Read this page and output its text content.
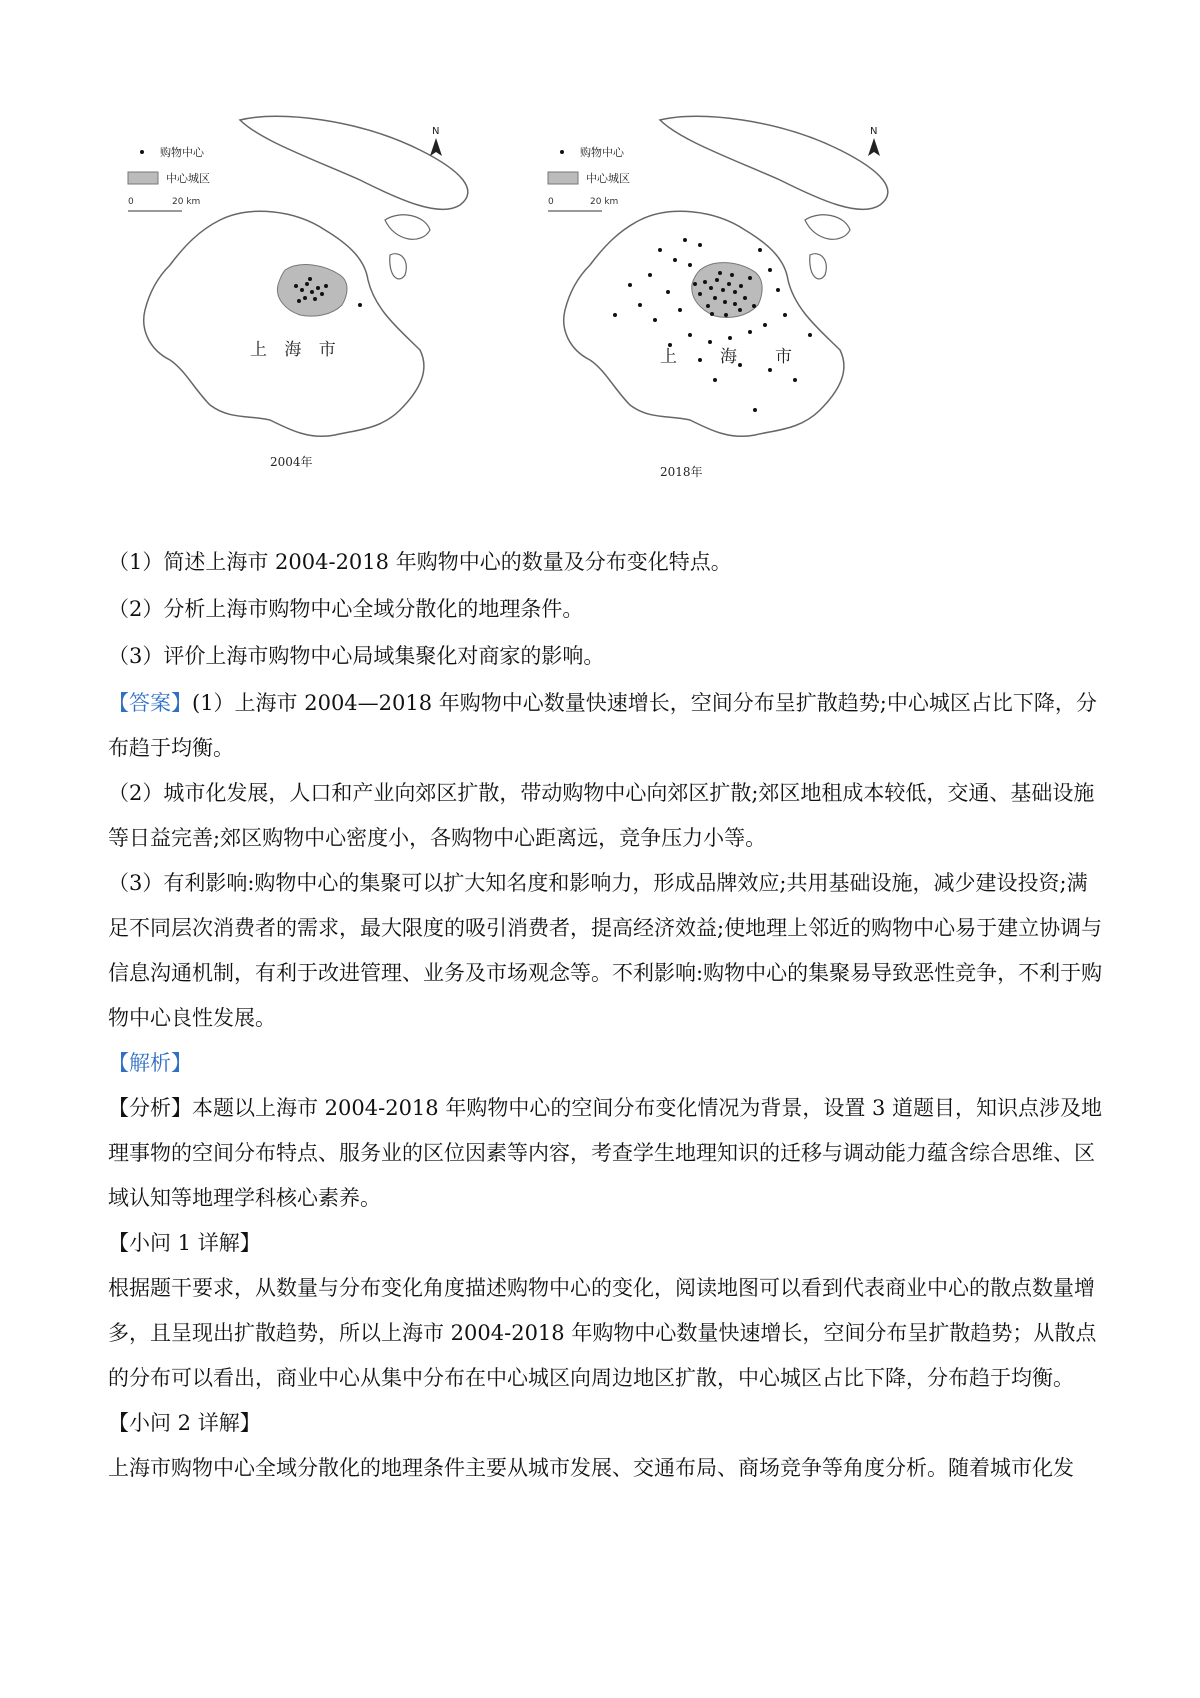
购物中心
中心城区
0	20 km
N
上 海 市
2004年
购物中心
中心城区
0	20 km
N
上	海 市
2018年

（1）简述上海市 2004-2018 年购物中心的数量及分布变化特点。

（2）分析上海市购物中心全域分散化的地理条件。

（3）评价上海市购物中心局域集聚化对商家的影响。

【答案】(1）上海市 2004—2018 年购物中心数量快速增长，空间分布呈扩散趋势;中心城区占比下降，分布趋于均衡。

（2）城市化发展，人口和产业向郊区扩散，带动购物中心向郊区扩散;郊区地租成本较低，交通、基础设施等日益完善;郊区购物中心密度小，各购物中心距离远，竞争压力小等。

（3）有利影响:购物中心的集聚可以扩大知名度和影响力，形成品牌效应;共用基础设施，减少建设投资;满足不同层次消费者的需求，最大限度的吸引消费者，提高经济效益;使地理上邻近的购物中心易于建立协调与信息沟通机制，有利于改进管理、业务及市场观念等。不利影响:购物中心的集聚易导致恶性竞争，不利于购物中心良性发展。

【解析】

【分析】本题以上海市 2004-2018 年购物中心的空间分布变化情况为背景，设置 3 道题目，知识点涉及地理事物的空间分布特点、服务业的区位因素等内容，考查学生地理知识的迁移与调动能力蕴含综合思维、区域认知等地理学科核心素养。

【小问 1 详解】

根据题干要求，从数量与分布变化角度描述购物中心的变化，阅读地图可以看到代表商业中心的散点数量增多，且呈现出扩散趋势，所以上海市 2004-2018 年购物中心数量快速增长，空间分布呈扩散趋势；从散点的分布可以看出，商业中心从集中分布在中心城区向周边地区扩散，中心城区占比下降，分布趋于均衡。

【小问 2 详解】

上海市购物中心全域分散化的地理条件主要从城市发展、交通布局、商场竞争等角度分析。随着城市化发
